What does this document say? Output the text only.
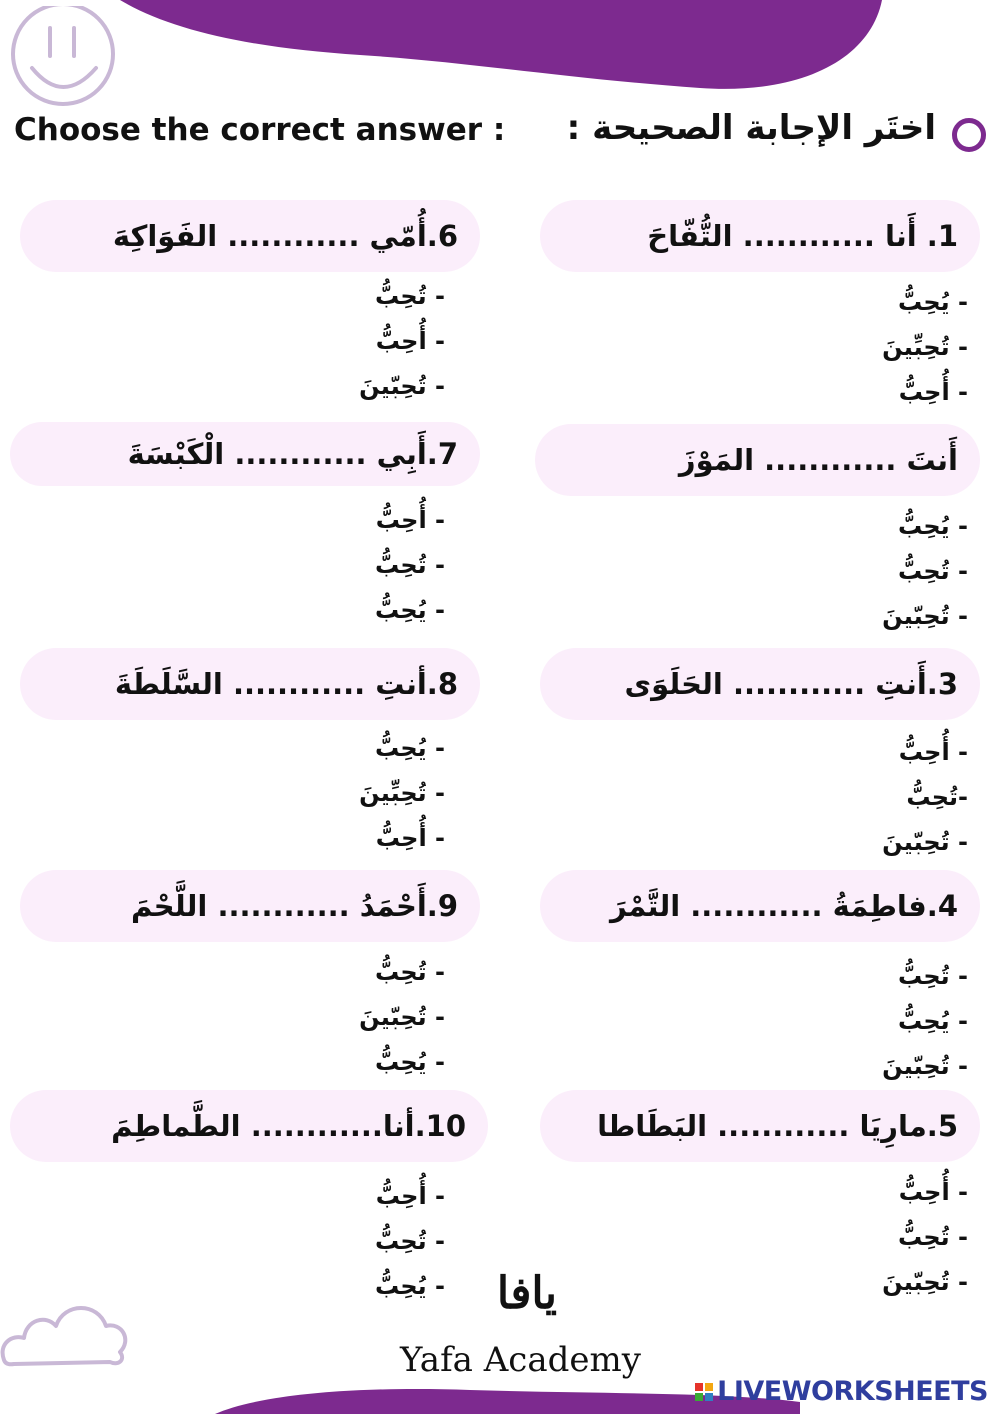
Choose the correct answer : اختَر الإجابة الصحيحة :
1. أَنا ............ التُّفّاحَ
- يُحِبُّ
- تُحِبِّينَ
- أُحِبُّ
أَنتَ ............ المَوْزَ
- يُحِبُّ
- تُحِبُّ
- تُحِبّينَ
3.أَنتِ ............ الحَلَوَى
- أُحِبُّ
-تُحِبُّ
- تُحِبّينَ
4.فاطِمَةُ ............ التَّمْرَ
- تُحِبُّ
- يُحِبُّ
- تُحِبّينَ
5.مارِيَا ............ البَطَاطا
- أُحِبُّ
- تُحِبُّ
- تُحِبّينَ
6.أُمّي ............ الفَوَاكِهَ
- تُحِبُّ
- أُحِبُّ
- تُحِبّينَ
7.أَبِي ............ الْكَبْسَةَ
- أُحِبُّ
- تُحِبُّ
- يُحِبُّ
8.أنتِ ............ السَّلَطَةَ
- يُحِبُّ
- تُحِبِّينَ
- أُحِبُّ
9.أَحْمَدُ ............ اللَّحْمَ
- تُحِبُّ
- تُحِبّينَ
- يُحِبُّ
10.أنا............ الطَّماطِمَ
- أُحِبُّ
- تُحِبُّ
- يُحِبُّ يافا
Yafa Academy
LIVEWORKSHEETS
